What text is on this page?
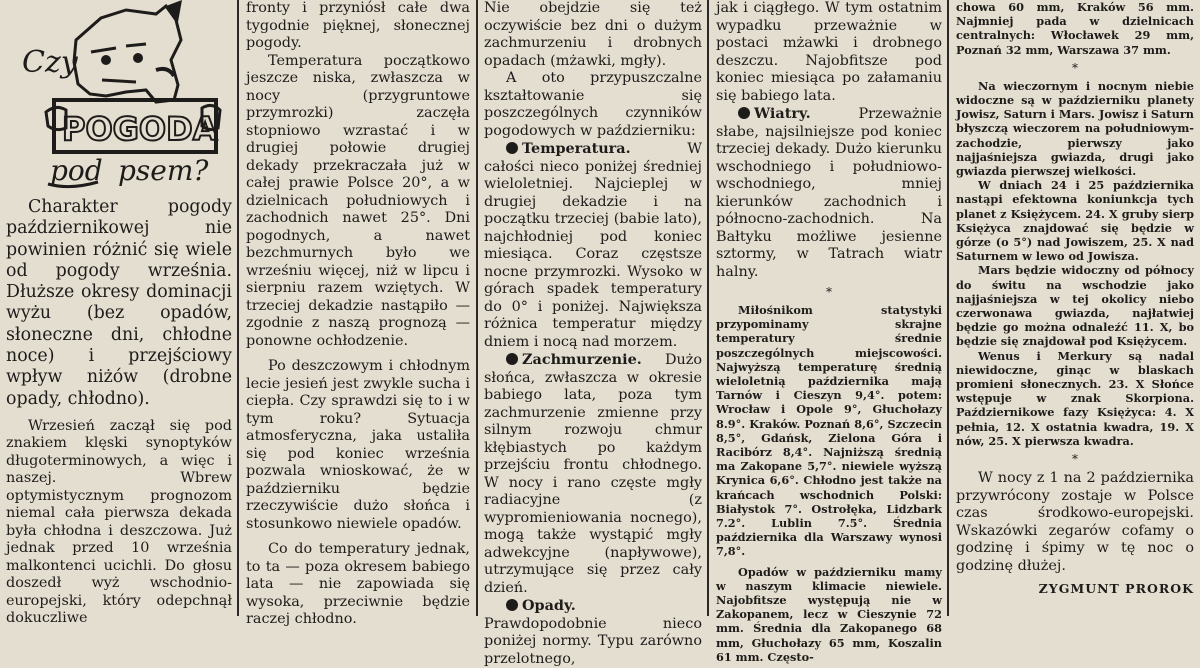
Czy
POGODA
pod psem?

Charakter pogody październikowej nie powinien różnić się wiele od pogody września. Dłuższe okresy dominacji wyżu (bez opadów, słoneczne dni, chłodne noce) i przejściowy wpływ niżów (drobne opady, chłodno).

Wrzesień zaczął się pod znakiem klęski synoptyków długoterminowych, a więc i naszej. Wbrew optymistycznym prognozom niemal cała pierwsza dekada była chłodna i deszczowa. Już jednak przed 10 września malkontenci ucichli. Do głosu doszedł wyż wschodnio-europejski, który odepchnął dokuczliwe

fronty i przyniósł całe dwa tygodnie pięknej, słonecznej pogody.

Temperatura początkowo jeszcze niska, zwłaszcza w nocy (przygruntowe przymrozki) zaczęła stopniowo wzrastać i w drugiej połowie drugiej dekady przekraczała już w całej prawie Polsce 20°, a w dzielnicach południowych i zachodnich nawet 25°. Dni pogodnych, a nawet bezchmurnych było we wrześniu więcej, niż w lipcu i sierpniu razem wziętych. W trzeciej dekadzie nastąpiło — zgodnie z naszą prognozą — ponowne ochłodzenie.

Po deszczowym i chłodnym lecie jesień jest zwykle sucha i ciepła. Czy sprawdzi się to i w tym roku? Sytuacja atmosferyczna, jaka ustaliła się pod koniec września pozwala wnioskować, że w październiku będzie rzeczywiście dużo słońca i stosunkowo niewiele opadów.

Co do temperatury jednak, to ta — poza okresem babiego lata — nie zapowiada się wysoka, przeciwnie będzie raczej chłodno.

Nie obejdzie się też oczywiście bez dni o dużym zachmurzeniu i drobnych opadach (mżawki, mgły).

A oto przypuszczalne kształtowanie się poszczególnych czynników pogodowych w październiku:

Temperatura.	W całości nieco poniżej średniej wieloletniej. Najcieplej w drugiej dekadzie i na początku trzeciej (babie lato), najchłodniej pod koniec miesiąca. Coraz częstsze nocne przymrozki. Wysoko w górach spadek temperatury do 0° i poniżej. Największa różnica temperatur między dniem i nocą nad morzem.

Zachmurzenie. Dużo słońca, zwłaszcza w okresie babiego lata, poza tym zachmurzenie zmienne przy silnym rozwoju chmur kłębiastych po każdym przejściu frontu chłodnego. W nocy i rano częste mgły radiacyjne (z wypromieniowania nocnego), mogą także wystąpić mgły adwekcyjne (napływowe), utrzymujące się przez cały dzień.

Opady. Prawdopodobnie nieco poniżej normy. Typu zarówno przelotnego,

jak i ciągłego. W tym ostatnim wypadku przeważnie w postaci mżawki i drobnego deszczu. Najobfitsze pod koniec miesiąca po załamaniu się babiego lata.

Wiatry.	Przeważnie słabe, najsilniejsze pod koniec trzeciej dekady. Dużo kierunku wschodniego i południowo-wschodniego, mniej kierunków zachodnich i północno-zachodnich. Na Bałtyku możliwe jesienne sztormy, w Tatrach wiatr halny.

*

Miłośnikom statystyki przypominamy skrajne temperatury średnie poszczególnych miejscowości. Najwyższą temperaturę średnią wieloletnią października mają Tarnów i Cieszyn 9,4°. potem: Wrocław i Opole 9°, Głuchołazy 8.9°. Kraków. Poznań 8,6°, Szczecin 8,5°, Gdańsk, Zielona Góra i Racibórz 8,4°. Najniższą średnią ma Zakopane 5,7°. niewiele wyższą Krynica 6,6°. Chłodno jest także na krańcach wschodnich Polski: Białystok 7°. Ostrołęka, Lidzbark 7.2°. Lublin 7.5°. Średnia października dla Warszawy wynosi 7,8°.

Opadów w październiku mamy w naszym klimacie niewiele. Najobfitsze występują nie w Zakopanem, lecz w Cieszynie 72 mm. Średnia dla Zakopanego 68 mm, Głuchołazy 65 mm, Koszalin 61 mm. Często-

chowa 60 mm, Kraków 56 mm. Najmniej pada w dzielnicach centralnych: Włocławek 29 mm, Poznań 32 mm, Warszawa 37 mm.

*

Na wieczornym i nocnym niebie widoczne są w październiku planety Jowisz, Saturn i Mars. Jowisz i Saturn błyszczą wieczorem na południowym-zachodzie, pierwszy jako najjaśniejsza gwiazda, drugi jako gwiazda pierwszej wielkości.

W dniach 24 i 25 października nastąpi efektowna koniunkcja tych planet z Księżycem. 24. X gruby sierp Księżyca znajdować się będzie w górze (o 5°) nad Jowiszem, 25. X nad Saturnem w lewo od Jowisza.

Mars będzie widoczny od północy do świtu na wschodzie jako najjaśniejsza w tej okolicy niebo czerwonawa gwiazda, najłatwiej będzie go można odnaleźć 11. X, bo będzie się znajdował pod Księżycem.

Wenus i Merkury są nadal niewidoczne, ginąc w blaskach promieni słonecznych. 23. X Słońce wstępuje w znak Skorpiona. Październikowe fazy Księżyca: 4. X pełnia, 12. X ostatnia kwadra, 19. X nów, 25. X pierwsza kwadra.

*

W nocy z 1 na 2 października przywrócony zostaje w Polsce czas środkowo-europejski. Wskazówki zegarów cofamy o godzinę i śpimy w tę noc o godzinę dłużej.

ZYGMUNT PROROK
